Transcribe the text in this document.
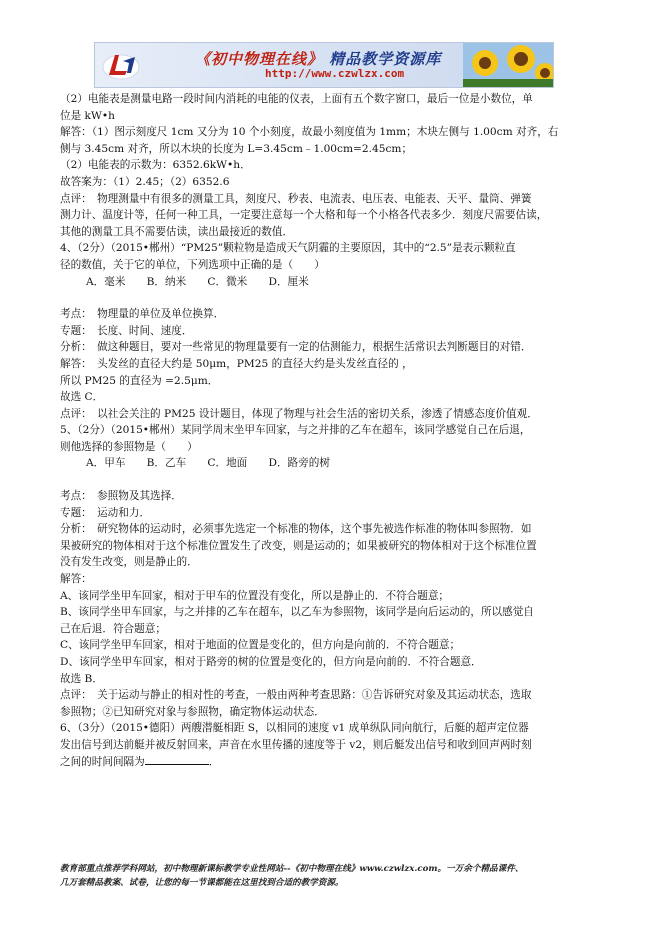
《初中物理在线》 精品教学资源库
http://www.czwlzx.com

（2）电能表是测量电路一段时间内消耗的电能的仪表，上面有五个数字窗口，最后一位是小数位，单

位是 kW•h

解答：（1）图示刻度尺 1cm 又分为 10 个小刻度，故最小刻度值为 1mm；木块左侧与 1.00cm 对齐，右

侧与 3.45cm 对齐，所以木块的长度为 L=3.45cm﹣1.00cm=2.45cm；

（2）电能表的示数为：6352.6kW•h．

故答案为：（1）2.45；（2）6352.6

点评：　物理测量中有很多的测量工具，刻度尺、秒表、电流表、电压表、电能表、天平、量筒、弹簧

测力计、温度计等，任何一种工具，一定要注意每一个大格和每一个小格各代表多少．刻度尺需要估读，

其他的测量工具不需要估读，读出最接近的数值．

4、（2分）（2015•郴州）“PM25”颗粒物是造成天气阴霾的主要原因，其中的“2.5”是表示颗粒直

径的数值，关于它的单位，下列选项中正确的是（　　）

A．毫米　　B．纳米　　C．微米　　D．厘米

考点：　物理量的单位及单位换算．

专题：　长度、时间、速度．

分析：　做这种题目，要对一些常见的物理量要有一定的估测能力，根据生活常识去判断题目的对错．

解答：　头发丝的直径大约是 50μm，PM25 的直径大约是头发丝直径的 ，

所以 PM25 的直径为 =2.5μm．

故选 C．

点评：　以社会关注的 PM25 设计题目，体现了物理与社会生活的密切关系，渗透了情感态度价值观．

5、（2分）（2015•郴州）某同学周末坐甲车回家，与之并排的乙车在超车，该同学感觉自己在后退，

则他选择的参照物是（　　）

A．甲车　　B．乙车　　C．地面　　D．路旁的树

考点：　参照物及其选择．

专题：　运动和力．

分析：　研究物体的运动时，必须事先选定一个标准的物体，这个事先被选作标准的物体叫参照物．如

果被研究的物体相对于这个标准位置发生了改变，则是运动的；如果被研究的物体相对于这个标准位置

没有发生改变，则是静止的．

解答：

A、该同学坐甲车回家，相对于甲车的位置没有变化，所以是静止的．不符合题意；

B、该同学坐甲车回家，与之并排的乙车在超车，以乙车为参照物，该同学是向后运动的，所以感觉自

己在后退．符合题意；

C、该同学坐甲车回家，相对于地面的位置是变化的，但方向是向前的．不符合题意；

D、该同学坐甲车回家，相对于路旁的树的位置是变化的，但方向是向前的．不符合题意．

故选 B．

点评：　关于运动与静止的相对性的考查，一般由两种考查思路：①告诉研究对象及其运动状态，选取

参照物；②已知研究对象与参照物，确定物体运动状态．

6、（3分）（2015•德阳）两艘潜艇相距 S，以相同的速度 v1 成单纵队同向航行，后艇的超声定位器

发出信号到达前艇并被反射回来，声音在水里传播的速度等于 v2，则后艇发出信号和收到回声两时刻

之间的时间间隔为	．

教育部重点推荐学科网站，初中物理新课标教学专业性网站--《初中物理在线》www.czwlzx.com。一万余个精品课件、
几万套精品教案、试卷，让您的每一节课都能在这里找到合适的教学资源。
